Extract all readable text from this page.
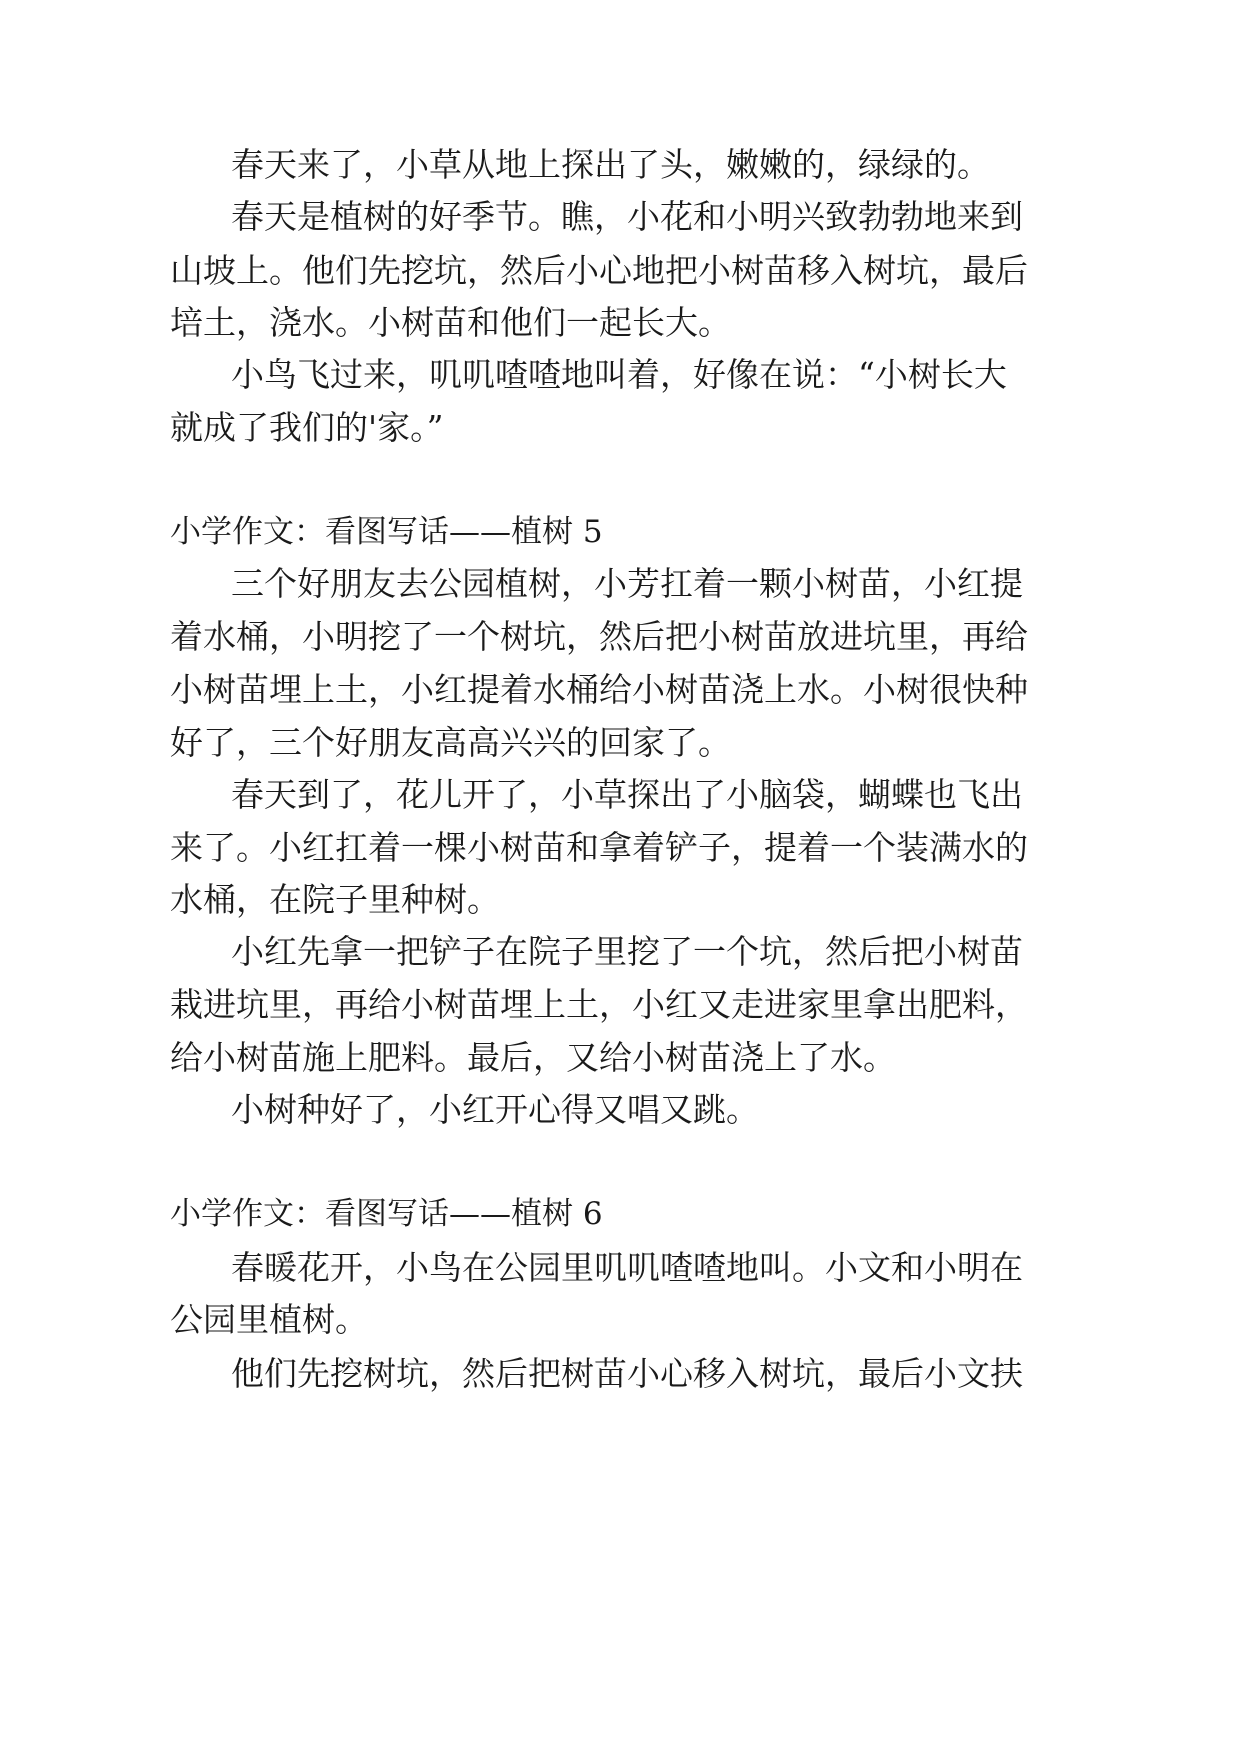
春天来了，小草从地上探出了头，嫩嫩的，绿绿的。
春天是植树的好季节。瞧，小花和小明兴致勃勃地来到
山坡上。他们先挖坑，然后小心地把小树苗移入树坑，最后
培土，浇水。小树苗和他们一起长大。
小鸟飞过来，叽叽喳喳地叫着，好像在说：“小树长大
就成了我们的'家。”
小学作文：看图写话——植树 5
三个好朋友去公园植树，小芳扛着一颗小树苗，小红提
着水桶，小明挖了一个树坑，然后把小树苗放进坑里，再给
小树苗埋上土，小红提着水桶给小树苗浇上水。小树很快种
好了，三个好朋友高高兴兴的回家了。
春天到了，花儿开了，小草探出了小脑袋，蝴蝶也飞出
来了。小红扛着一棵小树苗和拿着铲子，提着一个装满水的
水桶，在院子里种树。
小红先拿一把铲子在院子里挖了一个坑，然后把小树苗
栽进坑里，再给小树苗埋上土，小红又走进家里拿出肥料，
给小树苗施上肥料。最后，又给小树苗浇上了水。
小树种好了，小红开心得又唱又跳。
小学作文：看图写话——植树 6
春暖花开，小鸟在公园里叽叽喳喳地叫。小文和小明在
公园里植树。
他们先挖树坑，然后把树苗小心移入树坑，最后小文扶
